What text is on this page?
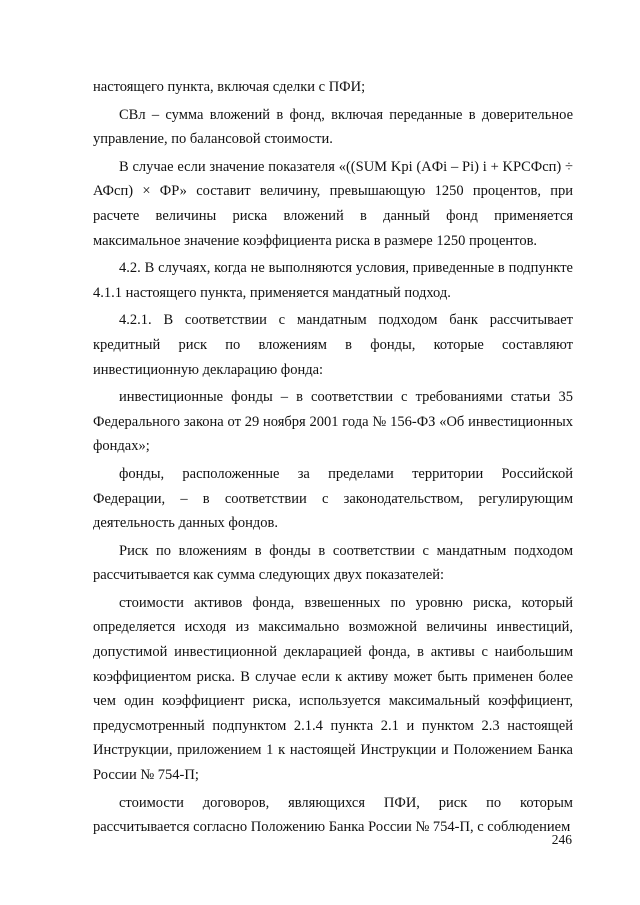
настоящего пункта, включая сделки с ПФИ;

СВл – сумма вложений в фонд, включая переданные в доверительное управление, по балансовой стоимости.

В случае если значение показателя «((SUM Kpi (AФi – Pi) i + KPCФсп) ÷ АФсп) × ФР» составит величину, превышающую 1250 процентов, при расчете величины риска вложений в данный фонд применяется максимальное значение коэффициента риска в размере 1250 процентов.

4.2. В случаях, когда не выполняются условия, приведенные в подпункте 4.1.1 настоящего пункта, применяется мандатный подход.

4.2.1. В соответствии с мандатным подходом банк рассчитывает кредитный риск по вложениям в фонды, которые составляют инвестиционную декларацию фонда:

инвестиционные фонды – в соответствии с требованиями статьи 35 Федерального закона от 29 ноября 2001 года № 156-ФЗ «Об инвестиционных фондах»;

фонды, расположенные за пределами территории Российской Федерации, – в соответствии с законодательством, регулирующим деятельность данных фондов.

Риск по вложениям в фонды в соответствии с мандатным подходом рассчитывается как сумма следующих двух показателей:

стоимости активов фонда, взвешенных по уровню риска, который определяется исходя из максимально возможной величины инвестиций, допустимой инвестиционной декларацией фонда, в активы с наибольшим коэффициентом риска. В случае если к активу может быть применен более чем один коэффициент риска, используется максимальный коэффициент, предусмотренный подпунктом 2.1.4 пункта 2.1 и пунктом 2.3 настоящей Инструкции, приложением 1 к настоящей Инструкции и Положением Банка России № 754-П;

стоимости договоров, являющихся ПФИ, риск по которым рассчитывается согласно Положению Банка России № 754-П, с соблюдением

246
